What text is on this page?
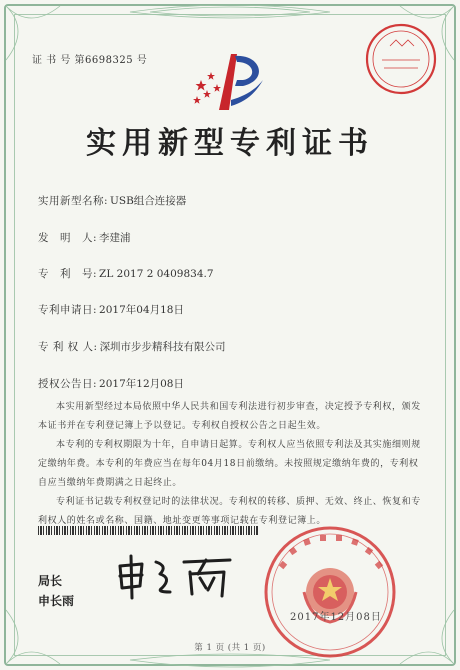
证 书 号 第6698325 号
实用新型专利证书
实用新型名称: USB组合连接器
发　明　人: 李建浦
专　利　号: ZL 2017 2 0409834.7
专利申请日: 2017年04月18日
专 利 权 人: 深圳市步步精科技有限公司
授权公告日: 2017年12月08日

本实用新型经过本局依照中华人民共和国专利法进行初步审查，决定授予专利权，颁发本证书并在专利登记簿上予以登记。专利权自授权公告之日起生效。

本专利的专利权期限为十年，自申请日起算。专利权人应当依照专利法及其实施细则规定缴纳年费。本专利的年费应当在每年04月18日前缴纳。未按照规定缴纳年费的，专利权自应当缴纳年费期满之日起终止。

专利证书记载专利权登记时的法律状况。专利权的转移、质押、无效、终止、恢复和专利权人的姓名或名称、国籍、地址变更等事项记载在专利登记簿上。

局长
申长雨
2017年12月08日
第 1 页 (共 1 页)
